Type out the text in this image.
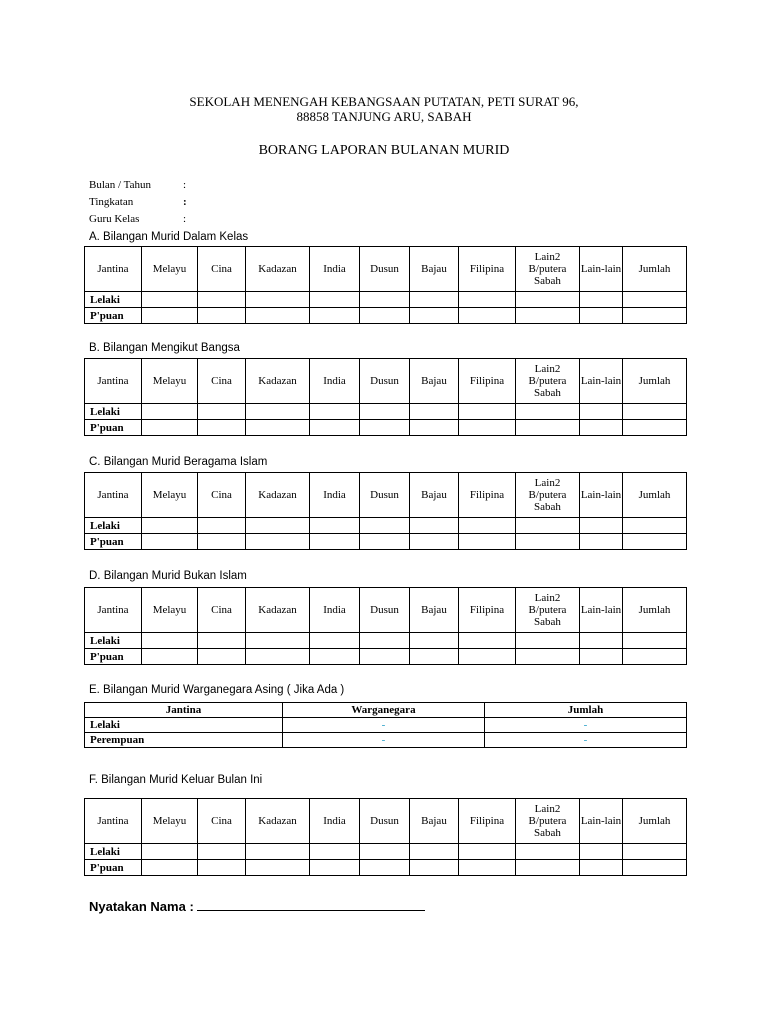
SEKOLAH MENENGAH KEBANGSAAN PUTATAN, PETI SURAT 96,
88858 TANJUNG ARU, SABAH
BORANG LAPORAN BULANAN MURID
Bulan / Tahun	:
Tingkatan	:
Guru Kelas	:
A. Bilangan Murid Dalam Kelas
Jantina	Melayu	Cina	Kadazan	India	Dusun	Bajau	Filipina	Lain2 B/putera Sabah	Lain-lain	Jumlah
Lelaki										
P'puan										
B. Bilangan Mengikut Bangsa
Jantina	Melayu	Cina	Kadazan	India	Dusun	Bajau	Filipina	Lain2 B/putera Sabah	Lain-lain	Jumlah
Lelaki										
P'puan										
C. Bilangan Murid Beragama Islam
Jantina	Melayu	Cina	Kadazan	India	Dusun	Bajau	Filipina	Lain2 B/putera Sabah	Lain-lain	Jumlah
Lelaki										
P'puan										
D. Bilangan Murid Bukan Islam
Jantina	Melayu	Cina	Kadazan	India	Dusun	Bajau	Filipina	Lain2 B/putera Sabah	Lain-lain	Jumlah
Lelaki										
P'puan										
E. Bilangan Murid Warganegara Asing ( Jika Ada )
Jantina	Warganegara	Jumlah
Lelaki	-	-
Perempuan	-	-
F. Bilangan Murid Keluar Bulan Ini
Jantina	Melayu	Cina	Kadazan	India	Dusun	Bajau	Filipina	Lain2 B/putera Sabah	Lain-lain	Jumlah
Lelaki										
P'puan										
Nyatakan Nama :
